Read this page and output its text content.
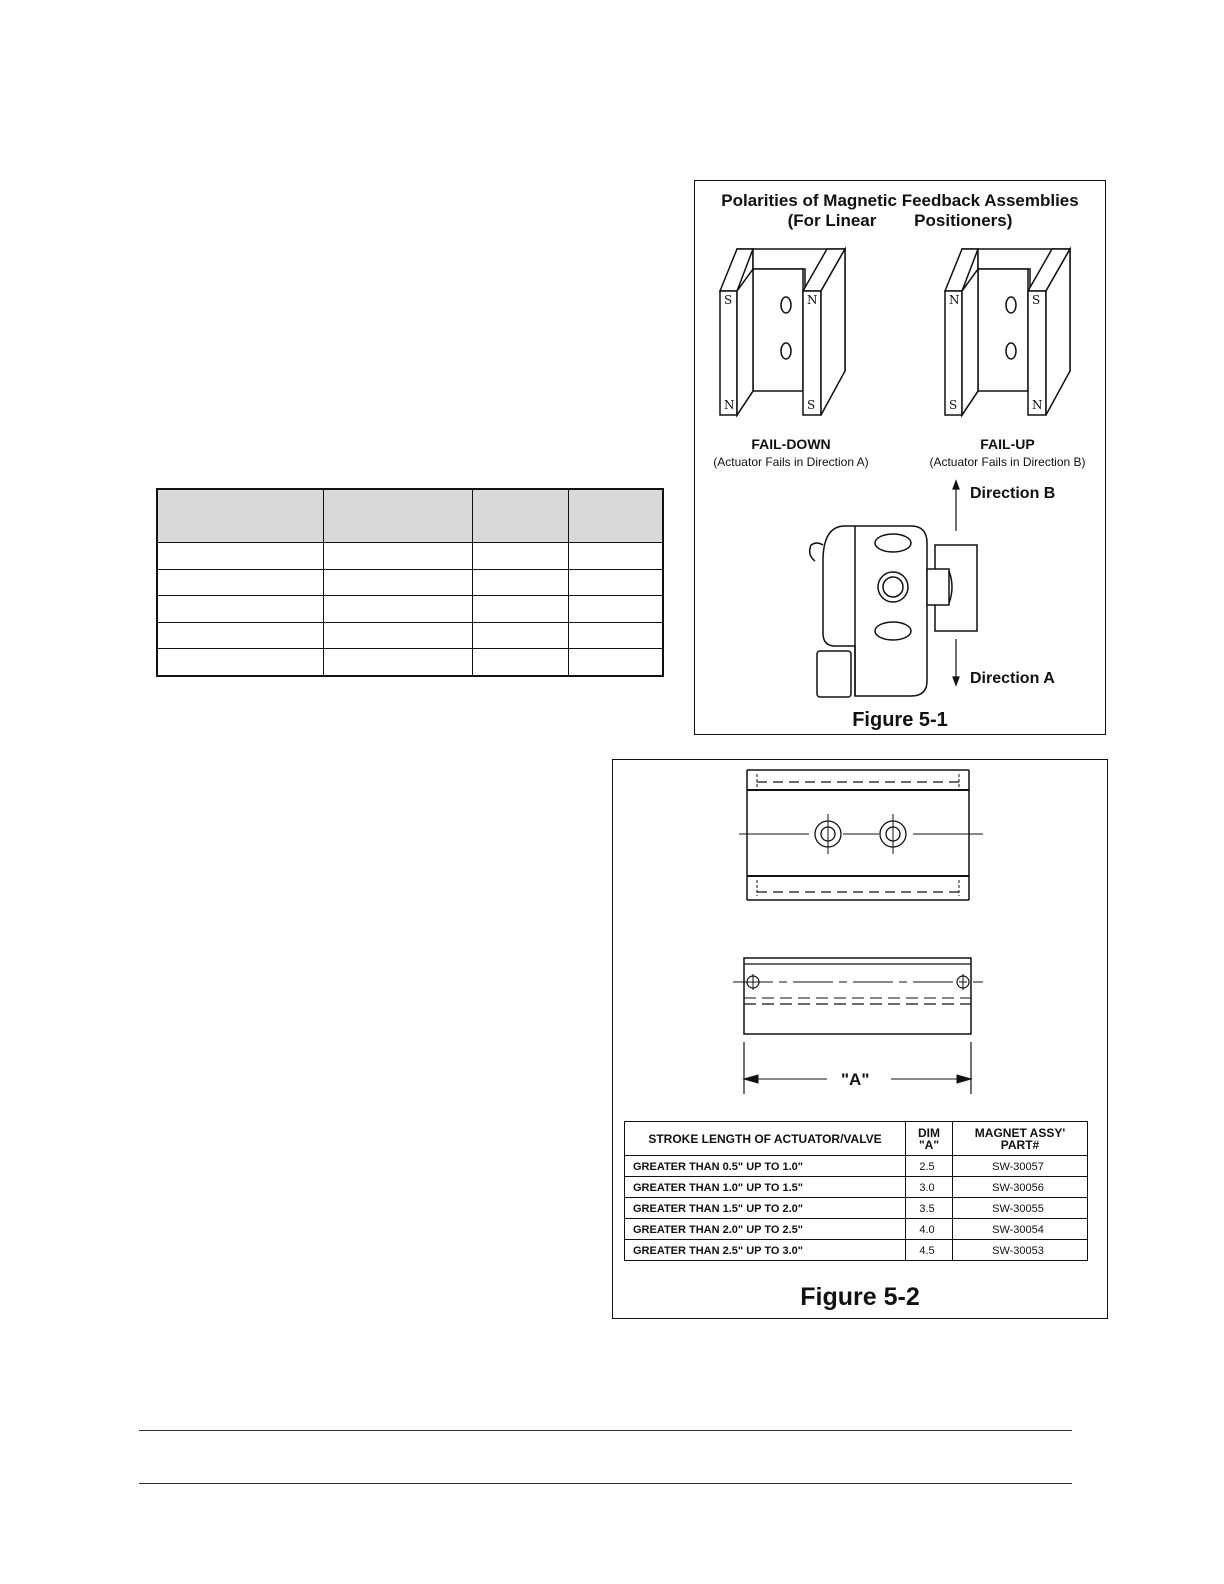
Polarities of Magnetic Feedback Assemblies
(For Linear        Positioners)
S	N
N	S
N	S
S	N
FAIL-DOWN
(Actuator Fails in Direction A)
FAIL-UP
(Actuator Fails in Direction B)
Direction B
Direction A
Figure 5-1
"A"
STROKE LENGTH OF ACTUATOR/VALVE	DIM "A"	MAGNET ASSY' PART#
GREATER THAN 0.5" UP TO 1.0"	2.5	SW-30057
GREATER THAN 1.0" UP TO 1.5"	3.0	SW-30056
GREATER THAN 1.5" UP TO 2.0"	3.5	SW-30055
GREATER THAN 2.0" UP TO 2.5"	4.0	SW-30054
GREATER THAN 2.5" UP TO 3.0"	4.5	SW-30053
Figure 5-2
